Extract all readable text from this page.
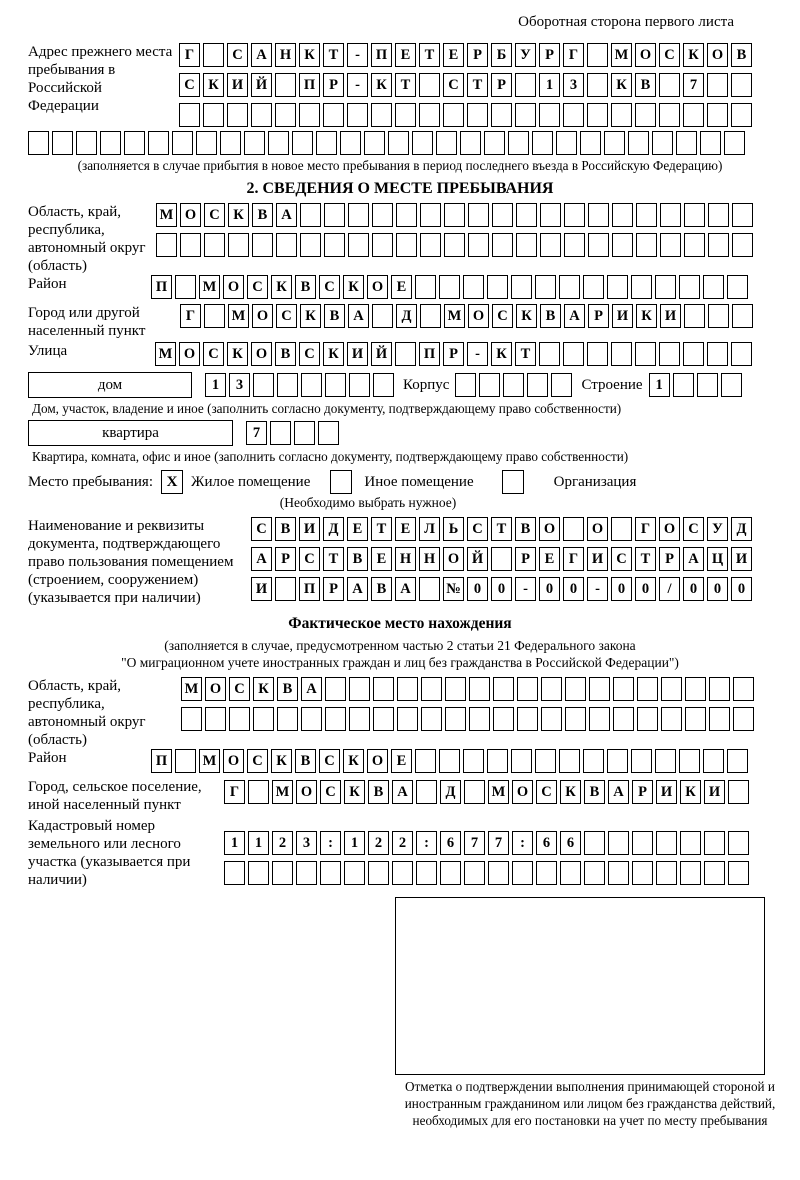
Оборотная сторона первого листа
Адрес прежнего места пребывания в Российской Федерации
Г	С А Н К Т	-	П Е Т Е	Р	Б У Р	Г	М О С К О В
С К И Й	П Р	-	К Т	С Т	Р	1	3	К В	7
(заполняется в случае прибытия в новое место пребывания в период последнего въезда в Российскую Федерацию)
2. СВЕДЕНИЯ О МЕСТЕ ПРЕБЫВАНИЯ
Область, край, республика, автономный округ (область)
М О С К В А
Район	П	М О С К В С К О Е
Город или другой населенный пункт
Г	М О С К В А	Д	М О С К В А Р И К И
Улица	М О С К О В С К И Й	П Р	-	К Т
дом	1	3	Корпус	Строение 1
Дом, участок, владение и иное (заполнить согласно документу, подтверждающему право собственности)
квартира	7
Квартира, комната, офис и иное (заполнить согласно документу, подтверждающему право собственности)
Место пребывания: X Жилое помещение	Иное помещение	Организация
(Необходимо выбрать нужное)
Наименование и реквизиты документа, подтверждающего право пользования помещением (строением, сооружением) (указывается при наличии)
С В И Д Е Т Е Л Ь С Т В О	О	Г О С У Д
А Р С Т В Е Н Н О Й	Р	Е	Г И С Т	Р А Ц И
И	П Р А В А	№ 0	0	-	0	0	-	0	0	/	0	0	0
Фактическое место нахождения
(заполняется в случае, предусмотренном частью 2 статьи 21 Федерального закона
"О миграционном учете иностранных граждан и лиц без гражданства в Российской Федерации")
Область, край, республика, автономный округ (область)
М О С К В А
Район	П	М О С К В С К О Е
Город, сельское поселение, иной населенный пункт
Г	М О С К В А	Д	М О С К В А Р И К И
Кадастровый номер земельного или лесного участка (указывается при наличии)
1	1	2	3	:	1	2	2	:	6	7	7	:	6	6
Отметка о подтверждении выполнения принимающей стороной и иностранным гражданином или лицом без гражданства действий, необходимых для его постановки на учет по месту пребывания
